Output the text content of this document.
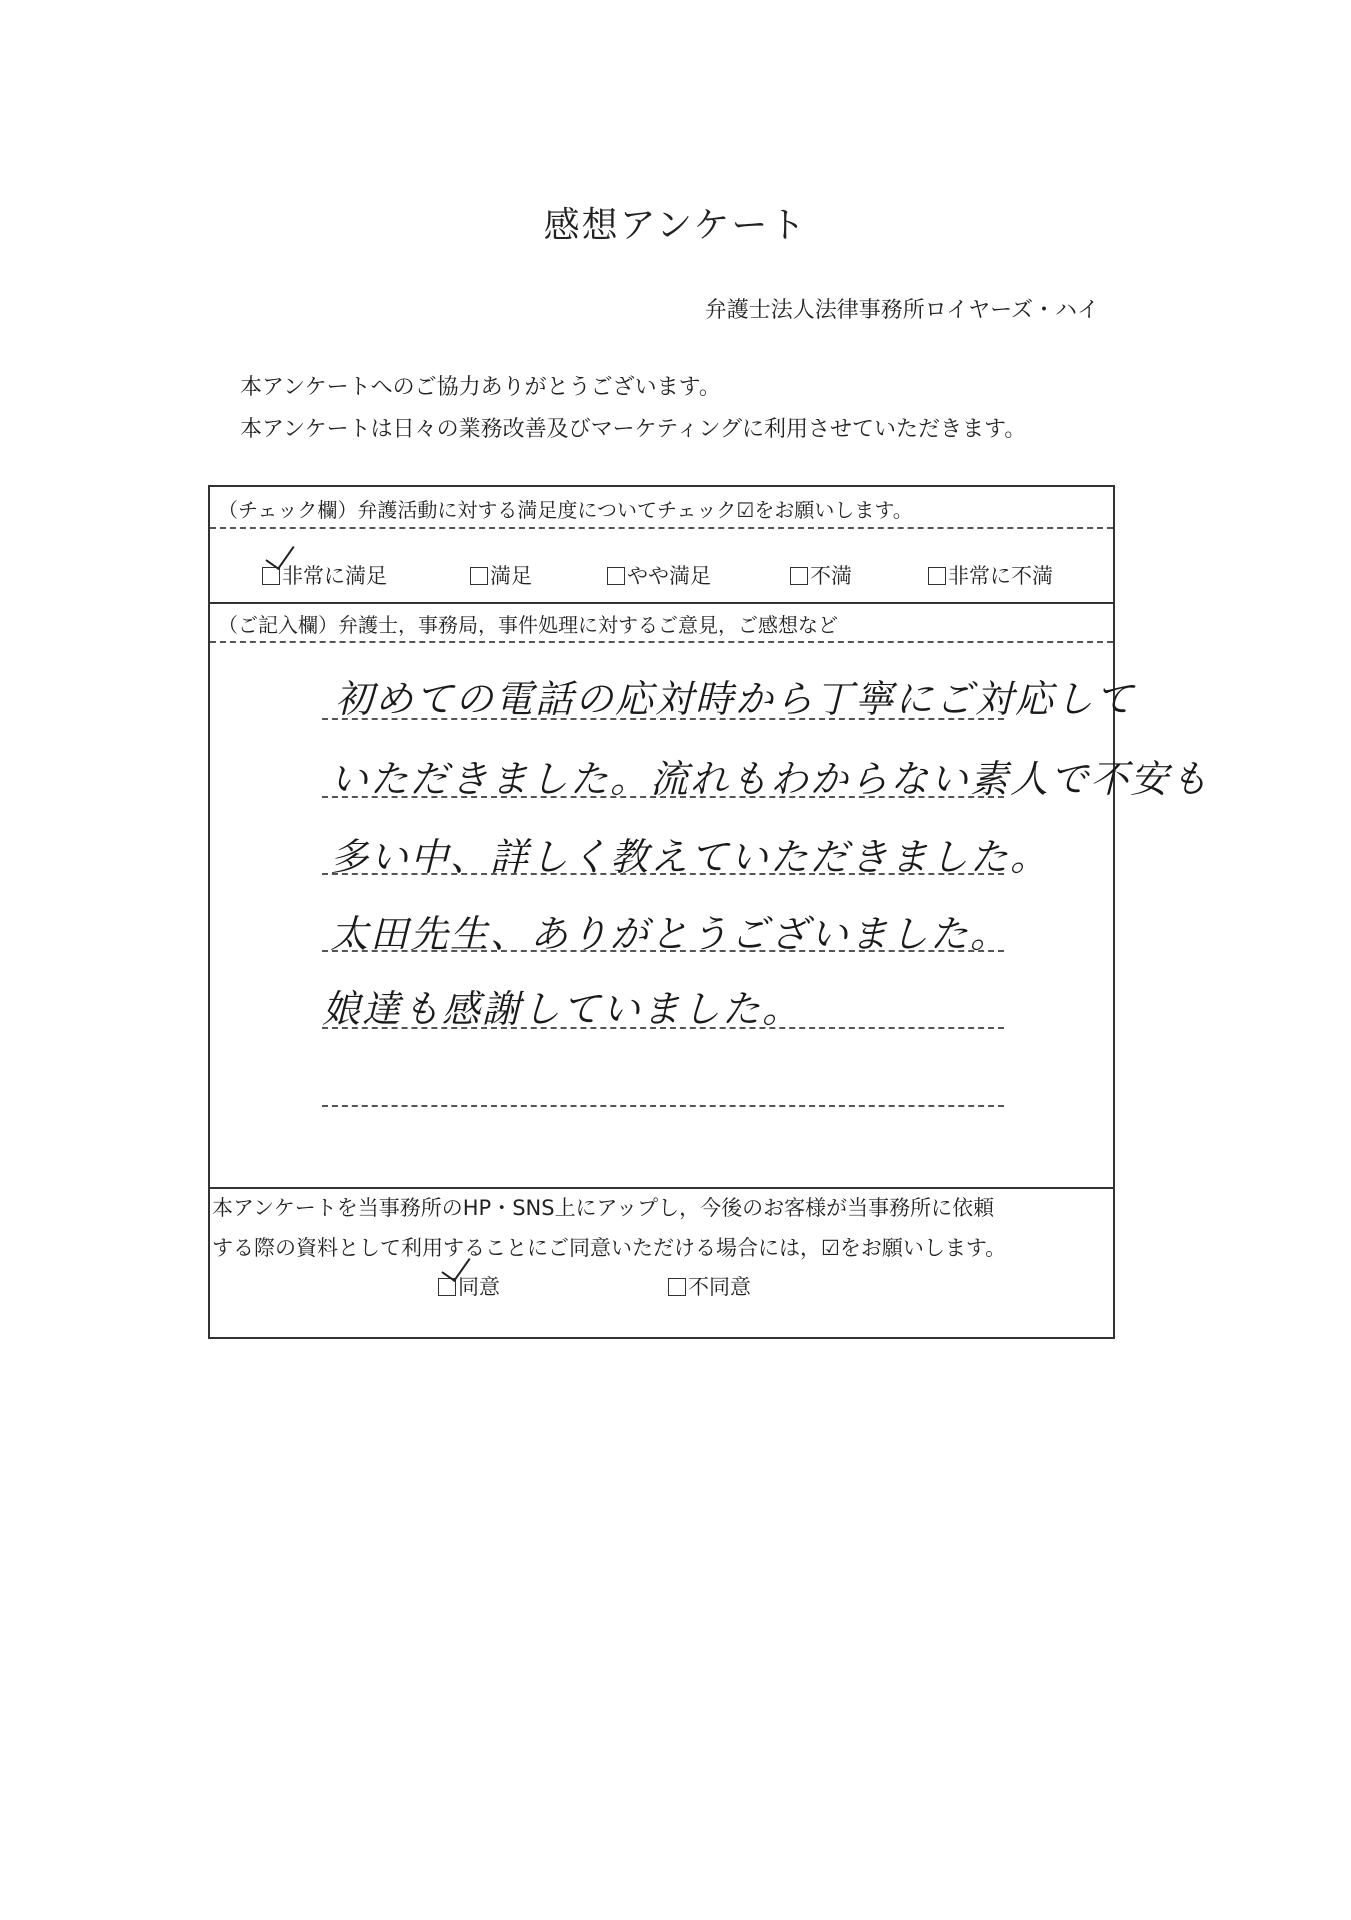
感想アンケート
弁護士法人法律事務所ロイヤーズ・ハイ
本アンケートへのご協力ありがとうございます。
本アンケートは日々の業務改善及びマーケティングに利用させていただきます。
（チェック欄）弁護活動に対する満足度についてチェック☑をお願いします。
（ご記入欄）弁護士，事務局，事件処理に対するご意見，ご感想など
非常に満足	満足	やや満足	不満	非常に不満
初めての電話の応対時から丁寧にご対応して
いただきました。流れもわからない素人で不安も
多い中、詳しく教えていただきました。
太田先生、ありがとうございました。
娘達も感謝していました。
本アンケートを当事務所のHP・SNS上にアップし，今後のお客様が当事務所に依頼
する際の資料として利用することにご同意いただける場合には，☑をお願いします。
同意	不同意
